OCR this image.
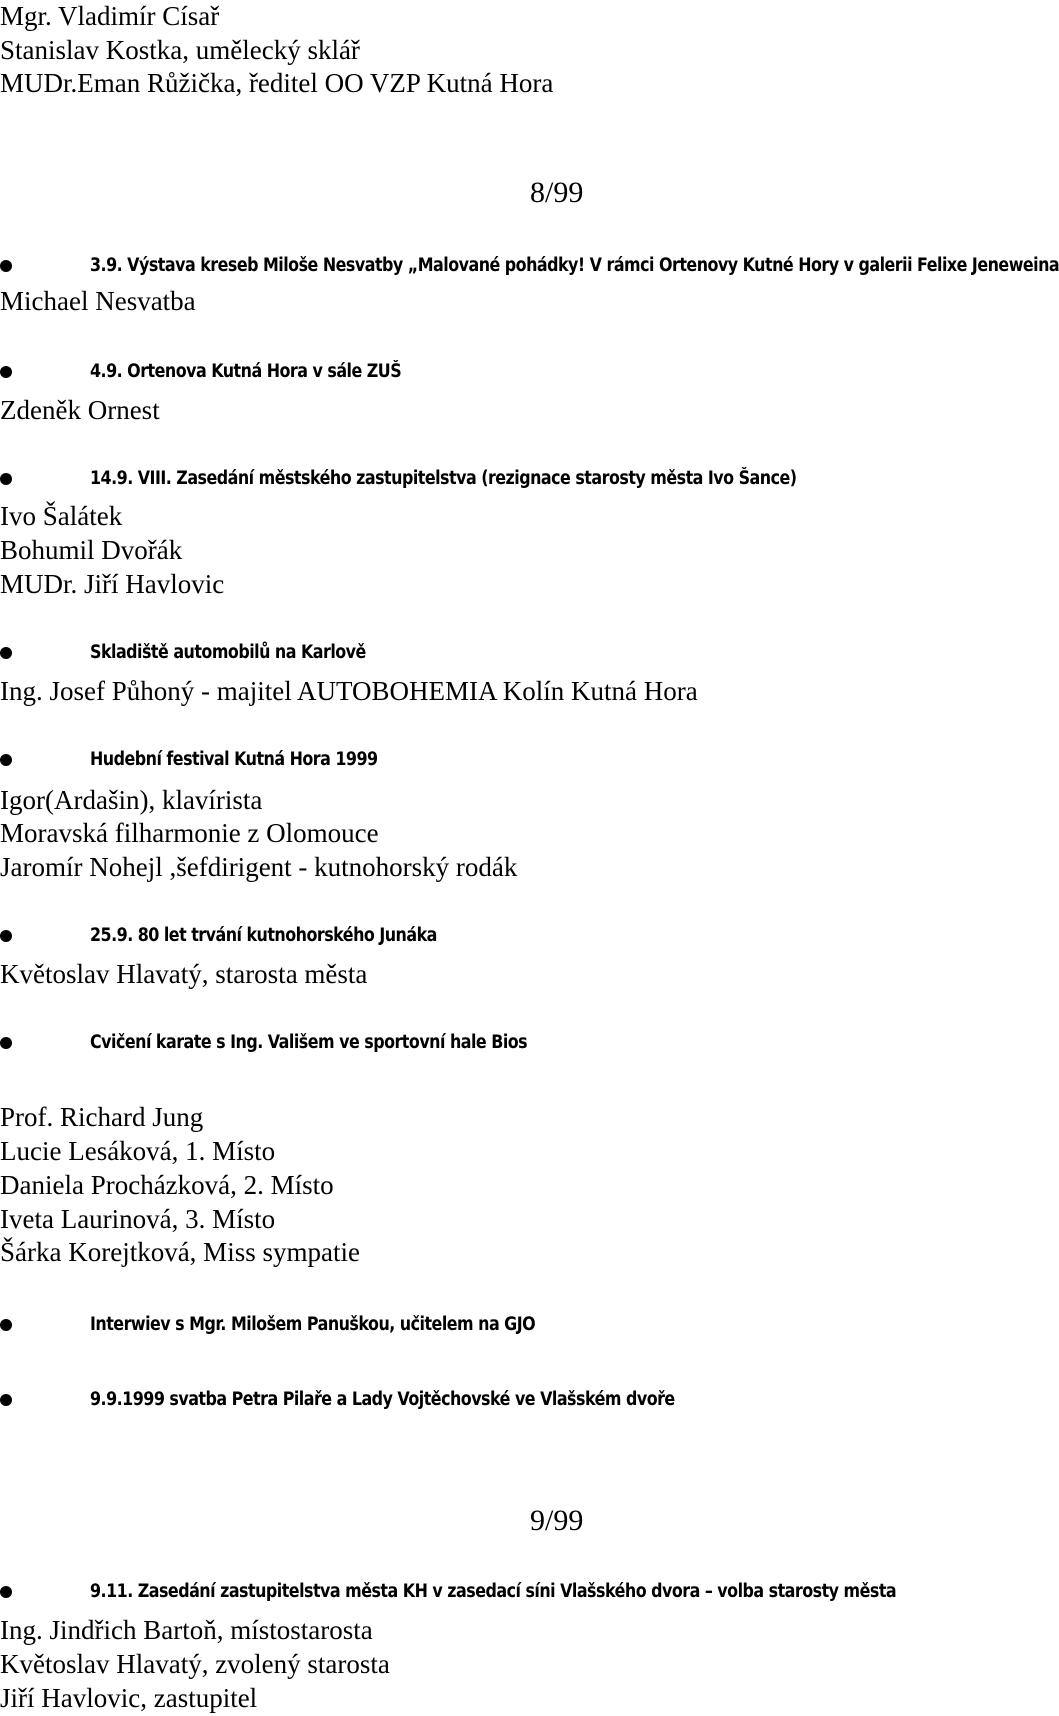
Mgr. Vladimír Císař
Stanislav Kostka, umělecký sklář
MUDr.Eman Růžička, ředitel OO VZP Kutná Hora
8/99
3.9. Výstava kreseb Miloše Nesvatby „Malované pohádky! V rámci Ortenovy Kutné Hory v galerii Felixe Jeneweina
Michael Nesvatba
4.9. Ortenova Kutná Hora v sále ZUŠ
Zdeněk Ornest
14.9. VIII. Zasedání městského zastupitelstva (rezignace starosty města Ivo Šance)
Ivo Šalátek
Bohumil Dvořák
MUDr. Jiří Havlovic
Skladiště automobilů na Karlově
Ing. Josef Půhoný - majitel AUTOBOHEMIA Kolín Kutná Hora
Hudební festival Kutná Hora 1999
Igor(Ardašin), klavírista
Moravská filharmonie z Olomouce
Jaromír Nohejl ,šefdirigent - kutnohorský rodák
25.9. 80 let trvání kutnohorského Junáka
Květoslav Hlavatý, starosta města
Cvičení karate s Ing. Vališem ve sportovní hale Bios
Prof. Richard Jung
Lucie Lesáková, 1. Místo
Daniela Procházková, 2. Místo
Iveta Laurinová, 3. Místo
Šárka Korejtková, Miss sympatie
Interwiev s Mgr. Milošem Panuškou, učitelem na GJO
9.9.1999 svatba Petra Pilaře a Lady Vojtěchovské ve Vlašském dvoře
9/99
9.11. Zasedání zastupitelstva města KH v zasedací síni Vlašského dvora – volba starosty města
Ing. Jindřich Bartoň, místostarosta
Květoslav Hlavatý, zvolený starosta
Jiří Havlovic, zastupitel
